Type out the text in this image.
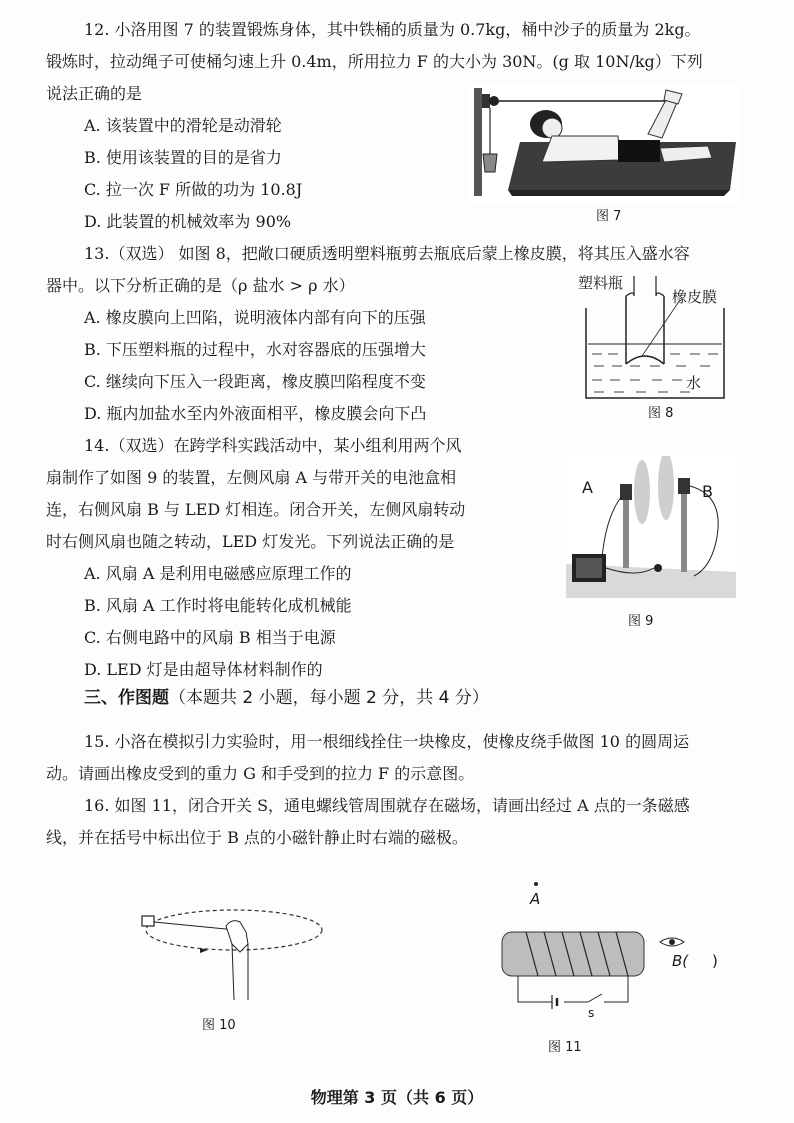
12. 小洛用图 7 的装置锻炼身体，其中铁桶的质量为 0.7kg，桶中沙子的质量为 2kg。
锻炼时，拉动绳子可使桶匀速上升 0.4m，所用拉力 F 的大小为 30N。(g 取 10N/kg）下列
说法正确的是
A. 该装置中的滑轮是动滑轮
B. 使用该装置的目的是省力
C. 拉一次 F 所做的功为 10.8J
D. 此装置的机械效率为 90%	图 7
13.（双选） 如图 8，把敞口硬质透明塑料瓶剪去瓶底后蒙上橡皮膜，将其压入盛水容
器中。以下分析正确的是（ρ 盐水 > ρ 水）
A. 橡皮膜向上凹陷，说明液体内部有向下的压强
B. 下压塑料瓶的过程中，水对容器底的压强增大
C. 继续向下压入一段距离，橡皮膜凹陷程度不变
D. 瓶内加盐水至内外液面相平，橡皮膜会向下凸
塑料瓶
橡皮膜
水
图 8
14.（双选）在跨学科实践活动中，某小组利用两个风
扇制作了如图 9 的装置，左侧风扇 A 与带开关的电池盒相
连，右侧风扇 B 与 LED 灯相连。闭合开关，左侧风扇转动
时右侧风扇也随之转动，LED 灯发光。下列说法正确的是
A. 风扇 A 是利用电磁感应原理工作的
B. 风扇 A 工作时将电能转化成机械能
C. 右侧电路中的风扇 B 相当于电源
D. LED 灯是由超导体材料制作的
A	B
图 9
三、作图题（本题共 2 小题，每小题 2 分，共 4 分）
15. 小洛在模拟引力实验时，用一根细线拴住一块橡皮，使橡皮绕手做图 10 的圆周运
动。请画出橡皮受到的重力 G 和手受到的拉力 F 的示意图。
16. 如图 11，闭合开关 S，通电螺线管周围就存在磁场，请画出经过 A 点的一条磁感
线，并在括号中标出位于 B 点的小磁针静止时右端的磁极。
图 10
A
B( )
s
图 11
物理第 3 页（共 6 页）
